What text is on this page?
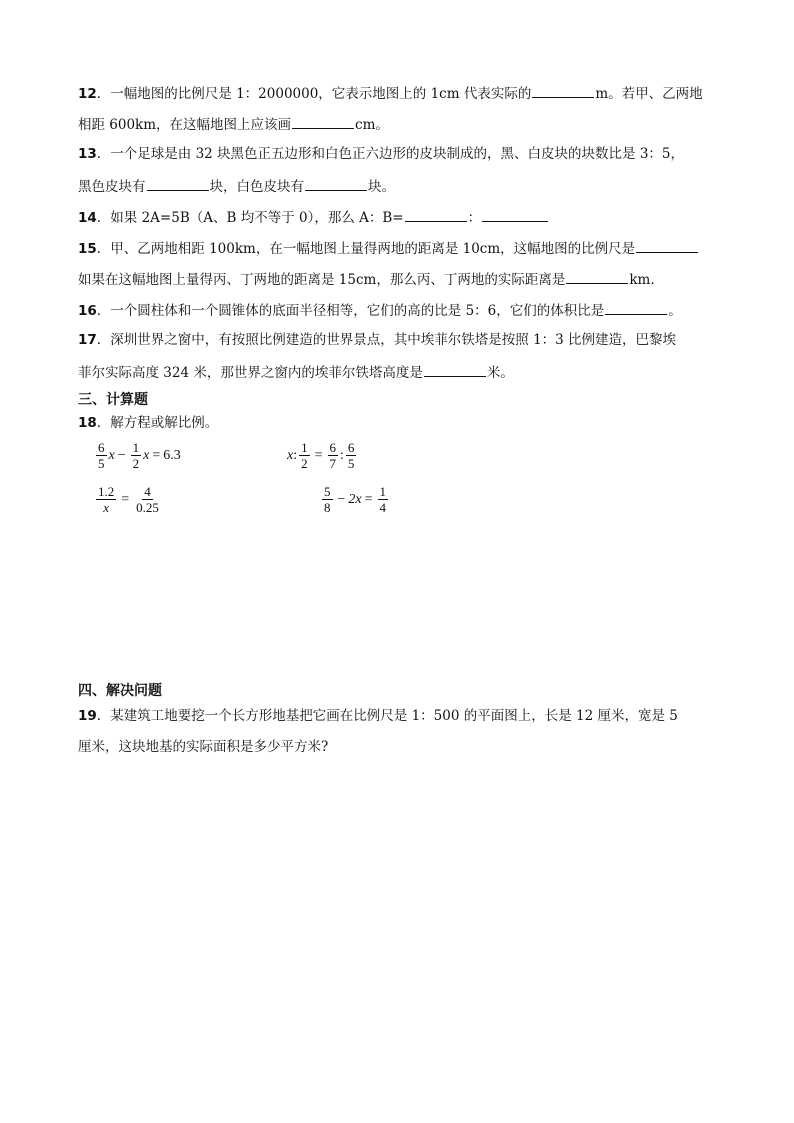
12．一幅地图的比例尺是 1：2000000，它表示地图上的 1cm 代表实际的	m。若甲、乙两地
相距 600km，在这幅地图上应该画	cm。
13．一个足球是由 32 块黑色正五边形和白色正六边形的皮块制成的，黑、白皮块的块数比是 3：5，
黑色皮块有	块，白色皮块有	块。
14．如果 2A=5B（A、B 均不等于 0），那么 A：B=	：
15．甲、乙两地相距 100km，在一幅地图上量得两地的距离是 10cm，这幅地图的比例尺是
如果在这幅地图上量得丙、丁两地的距离是 15cm，那么丙、丁两地的实际距离是	km.
16．一个圆柱体和一个圆锥体的底面半径相等，它们的高的比是 5：6，它们的体积比是	。
17．深圳世界之窗中，有按照比例建造的世界景点，其中埃菲尔铁塔是按照 1：3 比例建造，巴黎埃
菲尔实际高度 324 米，那世界之窗内的埃菲尔铁塔高度是	米。
三、计算题
18．解方程或解比例。
$\frac{6}{5}$ $x - \frac{1}{2}$ x = 6.3	x : $\frac{1}{2} = \frac{6}{7}$ : $\frac{6}{5}$
$\frac{1.2}{x} = \frac{4}{0.25}$	$\frac{5}{8} - 2x = \frac{1}{4}$
四、解决问题
19．某建筑工地要挖一个长方形地基把它画在比例尺是 1：500 的平面图上，长是 12 厘米，宽是 5
厘米，这块地基的实际面积是多少平方米?
